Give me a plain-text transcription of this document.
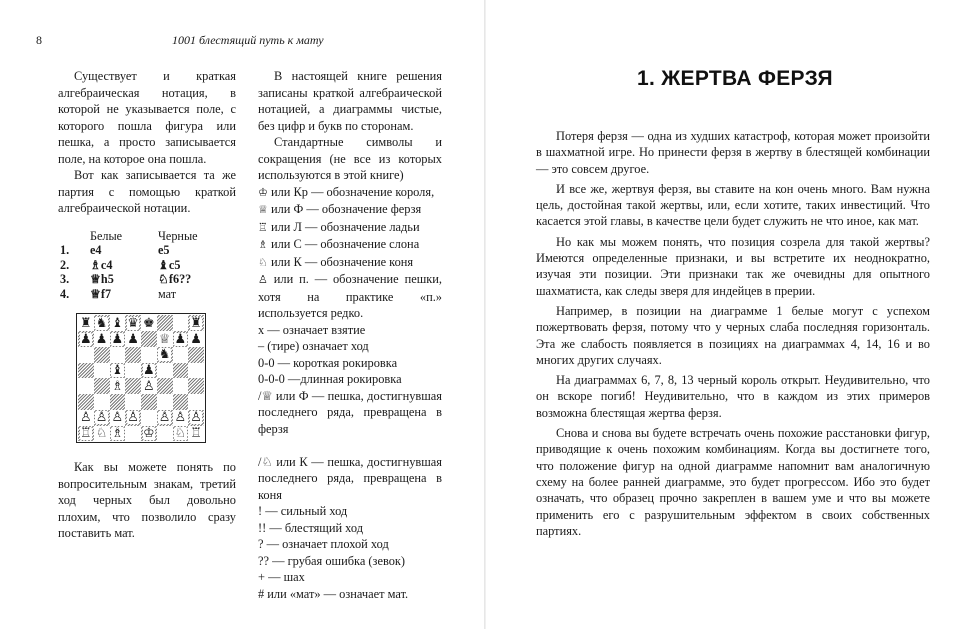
8	1001 блестящий путь к мату

Существует и краткая алгебраическая нотация, в которой не указывается поле, с которого пошла фигура или пешка, а просто записывается поле, на которое она пошла.

Вот как записывается та же партия с помощью краткой алгебраической нотации.

	Белые	Черные
1.	e4	e5
2.	♗c4	♝c5
3.	♕h5	♘f6??
4.	♕f7	мат
♜ ♞ ♝ ♛ ♚	♜
♟ ♟ ♟ ♟ ♕ ♟ ♟
♞
♝ ♟
♗ ♙
♙ ♙ ♙ ♙ ♙ ♙ ♙
♖ ♘ ♗ ♔ ♘ ♖

Как вы можете понять по вопросительным знакам, третий ход черных был довольно плохим, что позволило сразу поставить мат.

В настоящей книге решения записаны краткой алгебраической нотацией, а диаграммы чистые, без цифр и букв по сторонам.

Стандартные символы и сокращения (не все из которых используются в этой книге)

♔ или Кр — обозначение короля,

♕ или Ф — обозначение ферзя

♖ или Л — обозначение ладьи

♗ или С — обозначение слона

♘ или К — обозначение коня

♙ или п. — обозначение пешки, хотя на практике «п.» используется редко.

x — означает взятие

– (тире) означает ход

0-0 — короткая рокировка

0-0-0 —длинная рокировка

/♕ или Ф — пешка, достигнувшая последнего ряда, превращена в ферзя

/♘ или К — пешка, достигнувшая последнего ряда, превращена в коня

! — сильный ход

!! — блестящий ход

? — означает плохой ход

?? — грубая ошибка (зевок)

+ — шах

# или «мат» — означает мат.

1. ЖЕРТВА ФЕРЗЯ

Потеря ферзя — одна из худших катастроф, которая может произойти в шахматной игре. Но принести ферзя в жертву в блестящей комбинации — это совсем другое.

И все же, жертвуя ферзя, вы ставите на кон очень много. Вам нужна цель, достойная такой жертвы, или, если хотите, таких инвестиций. Что касается этой главы, в качестве цели будет служить не что иное, как мат.

Но как мы можем понять, что позиция созрела для такой жертвы? Имеются определенные признаки, и вы встретите их неоднократно, изучая эти позиции. Эти признаки так же очевидны для опытного шахматиста, как следы зверя для индейцев в прерии.

Например, в позиции на диаграмме 1 белые могут с успехом пожертвовать ферзя, потому что у черных слаба последняя горизонталь. Эта же слабость появляется в позициях на диаграммах 4, 14, 16 и во многих других случаях.

На диаграммах 6, 7, 8, 13 черный король открыт. Неудивительно, что он вскоре погиб! Неудивительно, что в каждом из этих примеров возможна блестящая жертва ферзя.

Снова и снова вы будете встречать очень похожие расстановки фигур, приводящие к очень похожим комбинациям. Когда вы достигнете того, что положение фигур на одной диаграмме напомнит вам аналогичную схему на более ранней диаграмме, это будет прогрессом. Ибо это будет означать, что образец прочно закреплен в вашем уме и что вы можете применить его с разрушительным эффектом в своих собственных партиях.
